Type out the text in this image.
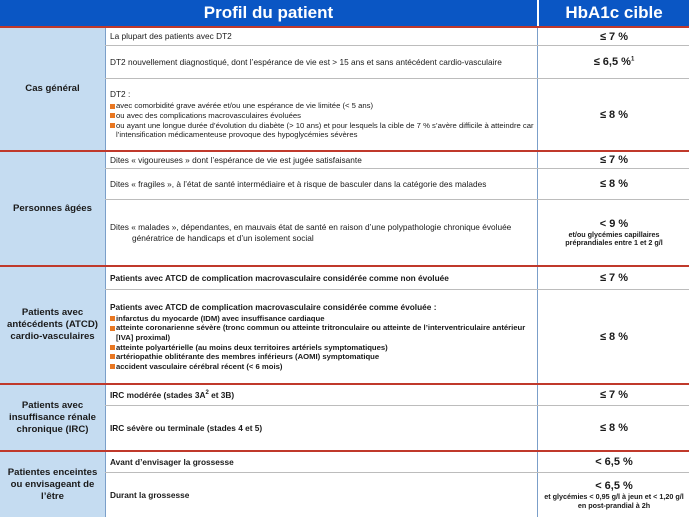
Profil du patient	HbA1c cible
Cas général
La plupart des patients avec DT2	≤ 7 %
DT2 nouvellement diagnostiqué, dont l’espérance de vie est > 15 ans et sans antécédent cardio-vasculaire	≤ 6,5 %$^1$
DT2 :
avec comorbidité grave avérée et/ou une espérance de vie limitée (< 5 ans)
ou avec des complications macrovasculaires évoluées
ou ayant une longue durée d’évolution du diabète (> 10 ans) et pour lesquels la cible de 7 % s’avère difficile à atteindre car l’intensification médicamenteuse provoque des hypoglycémies sévères
≤ 8 %
Personnes âgées
Dites « vigoureuses » dont l’espérance de vie est jugée satisfaisante	≤ 7 %
Dites « fragiles », à l’état de santé intermédiaire et à risque de basculer dans la catégorie des malades	≤ 8 %
Dites « malades », dépendantes, en mauvais état de santé en raison d’une polypathologie chronique évoluée génératrice de handicaps et d’un isolement social
< 9 %
et/ou glycémies capillaires préprandiales entre 1 et 2 g/l
Patients avec antécédents (ATCD) cardio-vasculaires
Patients avec ATCD de complication macrovasculaire considérée comme non évoluée	≤ 7 %
Patients avec ATCD de complication macrovasculaire considérée comme évoluée :
infarctus du myocarde (IDM) avec insuffisance cardiaque
atteinte coronarienne sévère (tronc commun ou atteinte tritronculaire ou atteinte de l’interventriculaire antérieur [IVA] proximal)
atteinte polyartérielle (au moins deux territoires artériels symptomatiques)
artériopathie oblitérante des membres inférieurs (AOMI) symptomatique
accident vasculaire cérébral récent (< 6 mois)
≤ 8 %
Patients avec insuffisance rénale chronique (IRC)
IRC modérée (stades $3A^2$ et 3B)	≤ 7 %
IRC sévère ou terminale (stades 4 et 5)	≤ 8 %
Patientes enceintes ou envisageant de l’être
Avant d’envisager la grossesse	< 6,5 %
Durant la grossesse
< 6,5 %
et glycémies < 0,95 g/l à jeun et < 1,20 g/l en post-prandial à 2h
